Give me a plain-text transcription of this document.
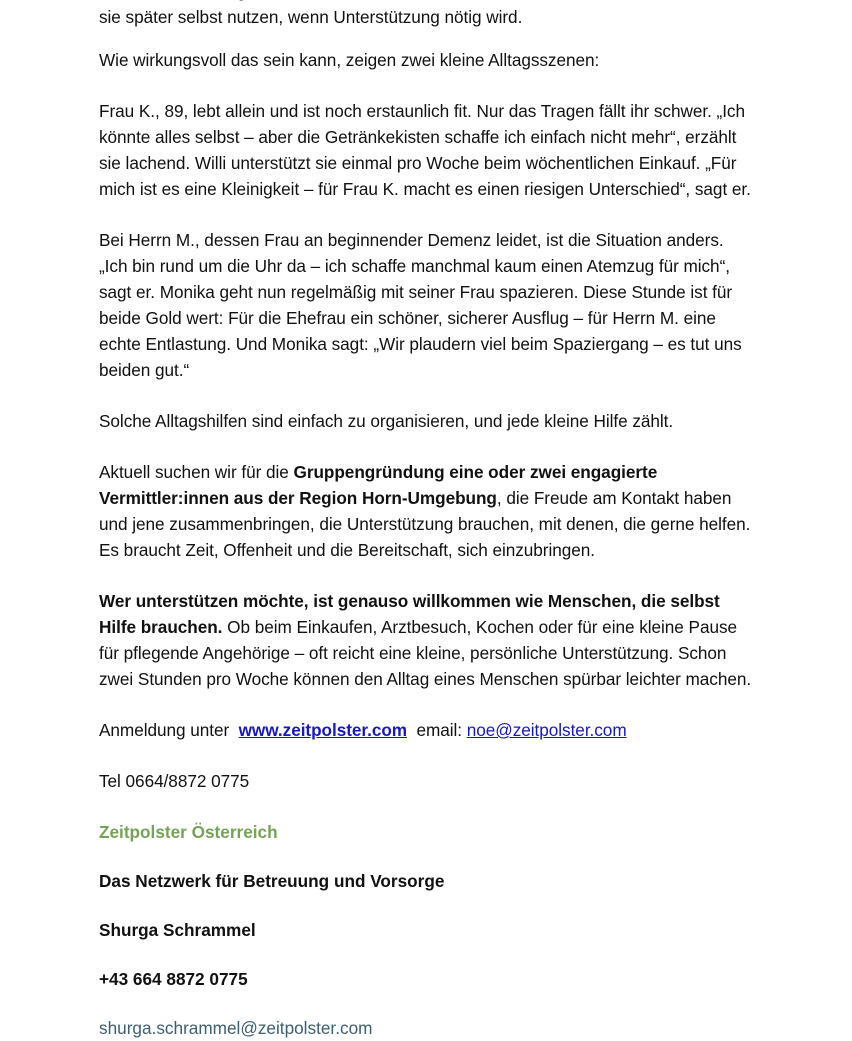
sie später selbst nutzen, wenn Unterstützung nötig wird.

Wie wirkungsvoll das sein kann, zeigen zwei kleine Alltagsszenen:

Frau K., 89, lebt allein und ist noch erstaunlich fit. Nur das Tragen fällt ihr schwer. „Ich könnte alles selbst – aber die Getränkekisten schaffe ich einfach nicht mehr“, erzählt sie lachend. Willi unterstützt sie einmal pro Woche beim wöchentlichen Einkauf. „Für mich ist es eine Kleinigkeit – für Frau K. macht es einen riesigen Unterschied“, sagt er.

Bei Herrn M., dessen Frau an beginnender Demenz leidet, ist die Situation anders. „Ich bin rund um die Uhr da – ich schaffe manchmal kaum einen Atemzug für mich“, sagt er. Monika geht nun regelmäßig mit seiner Frau spazieren. Diese Stunde ist für beide Gold wert: Für die Ehefrau ein schöner, sicherer Ausflug – für Herrn M. eine echte Entlastung. Und Monika sagt: „Wir plaudern viel beim Spaziergang – es tut uns beiden gut.“

Solche Alltagshilfen sind einfach zu organisieren, und jede kleine Hilfe zählt.

Aktuell suchen wir für die Gruppengründung eine oder zwei engagierte Vermittler:innen aus der Region Horn-Umgebung, die Freude am Kontakt haben und jene zusammenbringen, die Unterstützung brauchen, mit denen, die gerne helfen. Es braucht Zeit, Offenheit und die Bereitschaft, sich einzubringen.

Wer unterstützen möchte, ist genauso willkommen wie Menschen, die selbst Hilfe brauchen. Ob beim Einkaufen, Arztbesuch, Kochen oder für eine kleine Pause für pflegende Angehörige – oft reicht eine kleine, persönliche Unterstützung. Schon zwei Stunden pro Woche können den Alltag eines Menschen spürbar leichter machen.

Anmeldung unter www.zeitpolster.com email: noe@zeitpolster.com

Tel 0664/8872 0775

Zeitpolster Österreich

Das Netzwerk für Betreuung und Vorsorge

Shurga Schrammel

+43 664 8872 0775

shurga.schrammel@zeitpolster.com
